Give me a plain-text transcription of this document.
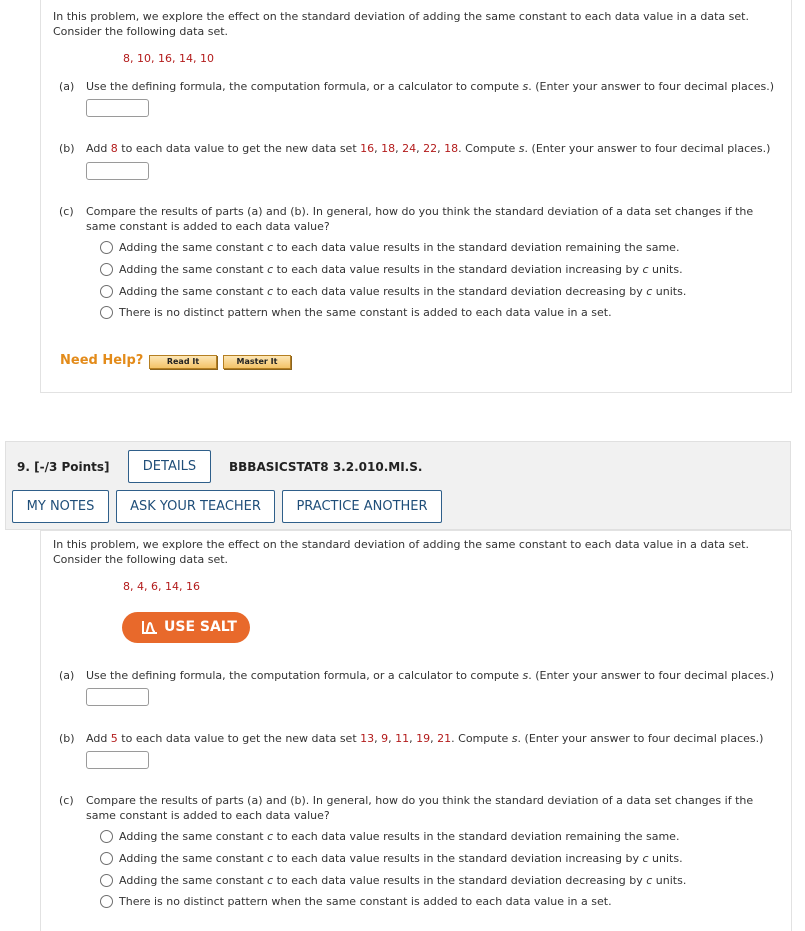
In this problem, we explore the effect on the standard deviation of adding the same constant to each data value in a data set.
Consider the following data set.
8, 10, 16, 14, 10
(a) Use the defining formula, the computation formula, or a calculator to compute s. (Enter your answer to four decimal places.)
(b) Add 8 to each data value to get the new data set 16, 18, 24, 22, 18. Compute s. (Enter your answer to four decimal places.)
(c) Compare the results of parts (a) and (b). In general, how do you think the standard deviation of a data set changes if the
same constant is added to each data value?
Adding the same constant c to each data value results in the standard deviation remaining the same.
Adding the same constant c to each data value results in the standard deviation increasing by c units.
Adding the same constant c to each data value results in the standard deviation decreasing by c units.
There is no distinct pattern when the same constant is added to each data value in a set.
Need Help?	Read It	Master It
9. [-/3 Points]	DETAILS	BBBASICSTAT8 3.2.010.MI.S.
MY NOTES	ASK YOUR TEACHER	PRACTICE ANOTHER
In this problem, we explore the effect on the standard deviation of adding the same constant to each data value in a data set.
Consider the following data set.
8, 4, 6, 14, 16
USE SALT
(a) Use the defining formula, the computation formula, or a calculator to compute s. (Enter your answer to four decimal places.)
(b) Add 5 to each data value to get the new data set 13, 9, 11, 19, 21. Compute s. (Enter your answer to four decimal places.)
(c) Compare the results of parts (a) and (b). In general, how do you think the standard deviation of a data set changes if the
same constant is added to each data value?
Adding the same constant c to each data value results in the standard deviation remaining the same.
Adding the same constant c to each data value results in the standard deviation increasing by c units.
Adding the same constant c to each data value results in the standard deviation decreasing by c units.
There is no distinct pattern when the same constant is added to each data value in a set.
